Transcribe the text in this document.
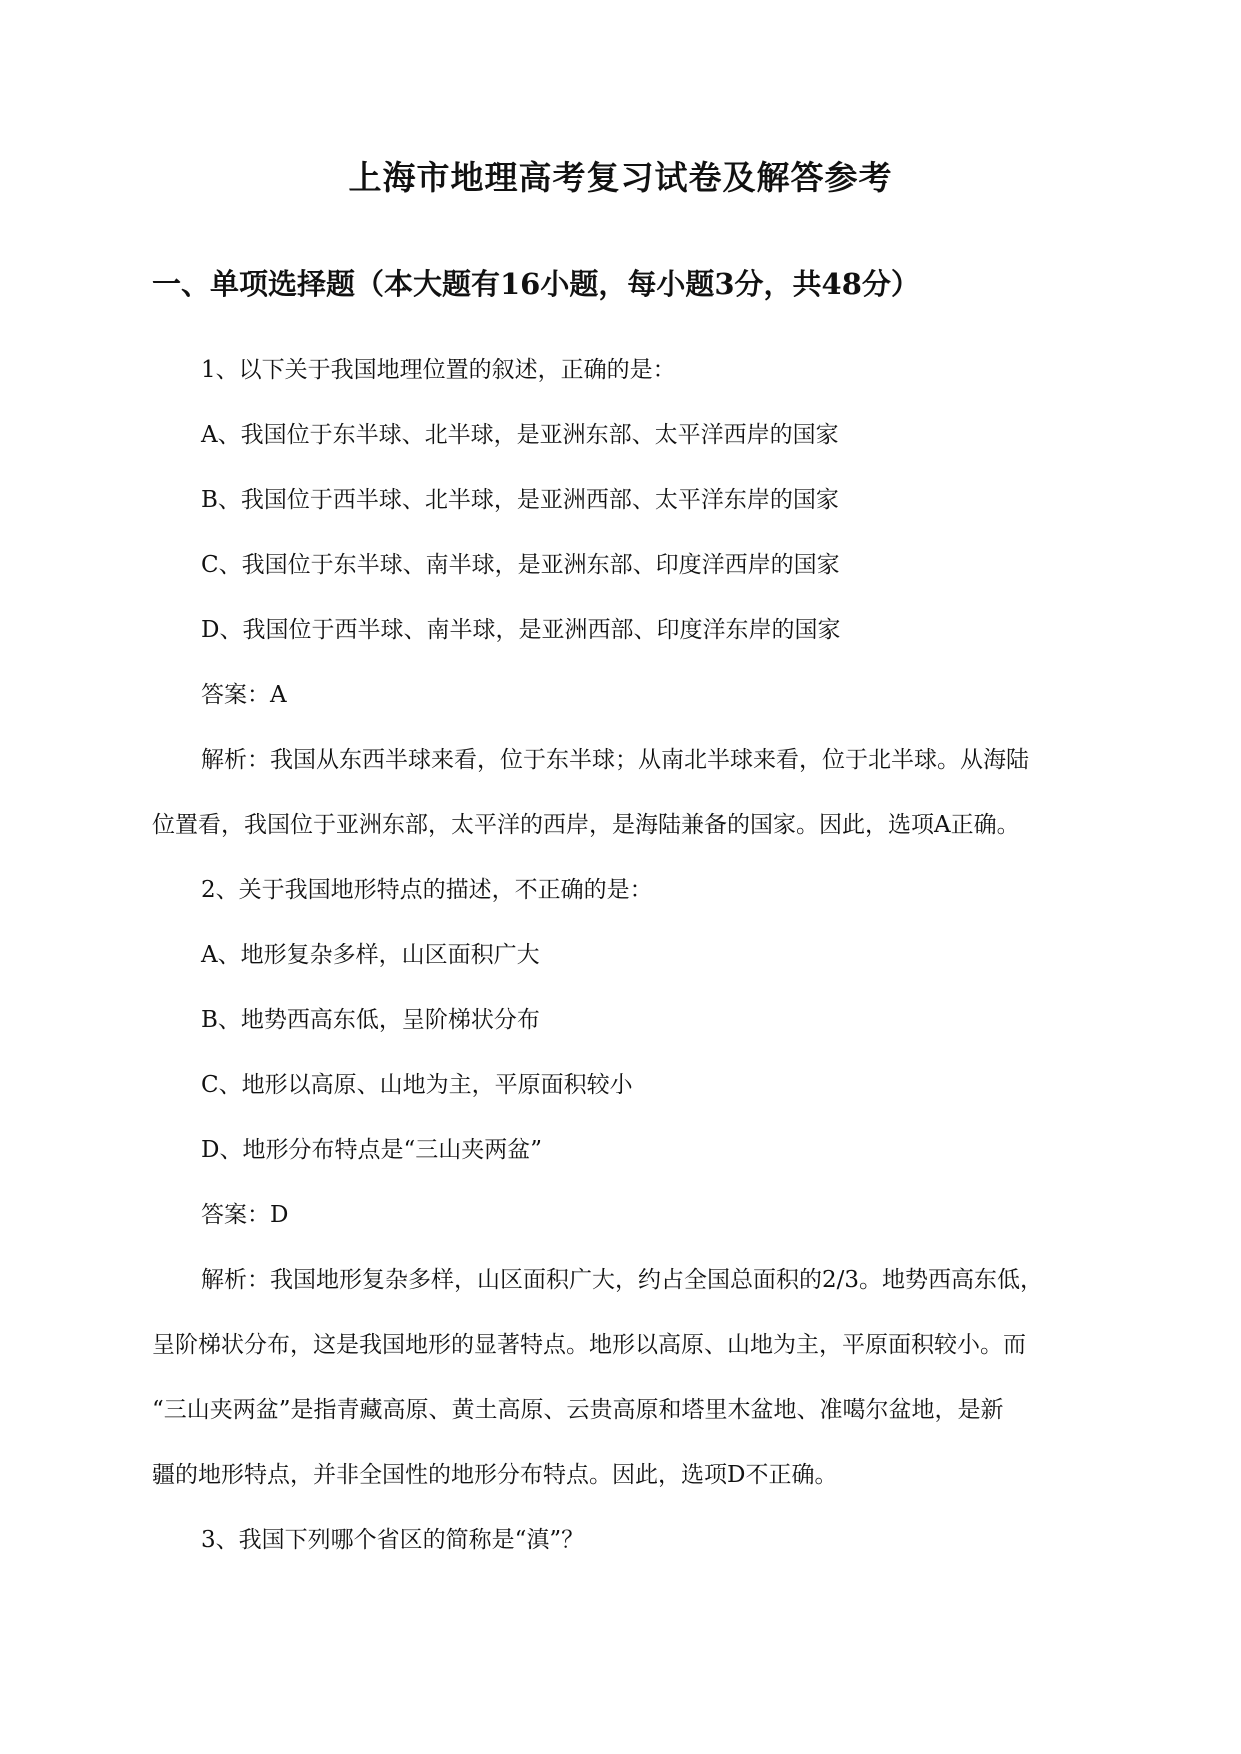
上海市地理高考复习试卷及解答参考
一、单项选择题（本大题有16小题，每小题3分，共48分）

1、以下关于我国地理位置的叙述，正确的是：

A、我国位于东半球、北半球，是亚洲东部、太平洋西岸的国家

B、我国位于西半球、北半球，是亚洲西部、太平洋东岸的国家

C、我国位于东半球、南半球，是亚洲东部、印度洋西岸的国家

D、我国位于西半球、南半球，是亚洲西部、印度洋东岸的国家

答案：A

解析：我国从东西半球来看，位于东半球；从南北半球来看，位于北半球。从海陆

位置看，我国位于亚洲东部，太平洋的西岸，是海陆兼备的国家。因此，选项A正确。

2、关于我国地形特点的描述，不正确的是：

A、地形复杂多样，山区面积广大

B、地势西高东低，呈阶梯状分布

C、地形以高原、山地为主，平原面积较小

D、地形分布特点是“三山夹两盆”

答案：D

解析：我国地形复杂多样，山区面积广大，约占全国总面积的2/3。地势西高东低，

呈阶梯状分布，这是我国地形的显著特点。地形以高原、山地为主，平原面积较小。而

“三山夹两盆”是指青藏高原、黄土高原、云贵高原和塔里木盆地、准噶尔盆地，是新

疆的地形特点，并非全国性的地形分布特点。因此，选项D不正确。

3、我国下列哪个省区的简称是“滇”？
